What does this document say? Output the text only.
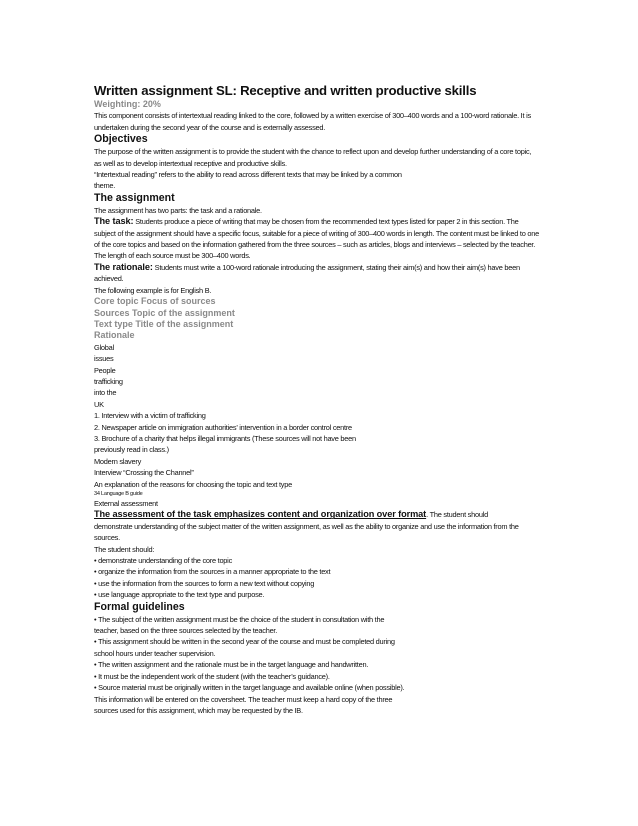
Written assignment SL: Receptive and written productive skills
Weighting: 20%
This component consists of intertextual reading linked to the core, followed by a written exercise of 300–400 words and a 100-word rationale. It is
undertaken during the second year of the course and is externally assessed.
Objectives
The purpose of the written assignment is to provide the student with the chance to reflect upon and develop further understanding of a core topic,
as well as to develop intertextual receptive and productive skills.
“Intertextual reading” refers to the ability to read across different texts that may be linked by a common
theme.
The assignment
The assignment has two parts: the task and a rationale.
The task: Students produce a piece of writing that may be chosen from the recommended text types listed for paper 2 in this section. The
subject of the assignment should have a specific focus, suitable for a piece of writing of 300–400 words in length. The content must be linked to one
of the core topics and based on the information gathered from the three sources – such as articles, blogs and interviews – selected by the teacher.
The length of each source must be 300–400 words.
The rationale: Students must write a 100-word rationale introducing the assignment, stating their aim(s) and how their aim(s) have been
achieved.
The following example is for English B.
Core topic Focus of sources
Sources Topic of the assignment
Text type Title of the assignment
Rationale
Global
issues
People
trafficking
into the
UK
1. Interview with a victim of trafficking
2. Newspaper article on immigration authorities’ intervention in a border control centre
3. Brochure of a charity that helps illegal immigrants (These sources will not have been
previously read in class.)
Modern slavery
Interview “Crossing the Channel”
An explanation of the reasons for choosing the topic and text type
34 Language B guide
External assessment
The assessment of the task emphasizes content and organization over format. The student should
demonstrate understanding of the subject matter of the written assignment, as well as the ability to organize and use the information from the
sources.
The student should:
• demonstrate understanding of the core topic
• organize the information from the sources in a manner appropriate to the text
• use the information from the sources to form a new text without copying
• use language appropriate to the text type and purpose.
Formal guidelines
• The subject of the written assignment must be the choice of the student in consultation with the
teacher, based on the three sources selected by the teacher.
• This assignment should be written in the second year of the course and must be completed during
school hours under teacher supervision.
• The written assignment and the rationale must be in the target language and handwritten.
• It must be the independent work of the student (with the teacher’s guidance).
• Source material must be originally written in the target language and available online (when possible).
This information will be entered on the coversheet. The teacher must keep a hard copy of the three
sources used for this assignment, which may be requested by the IB.
